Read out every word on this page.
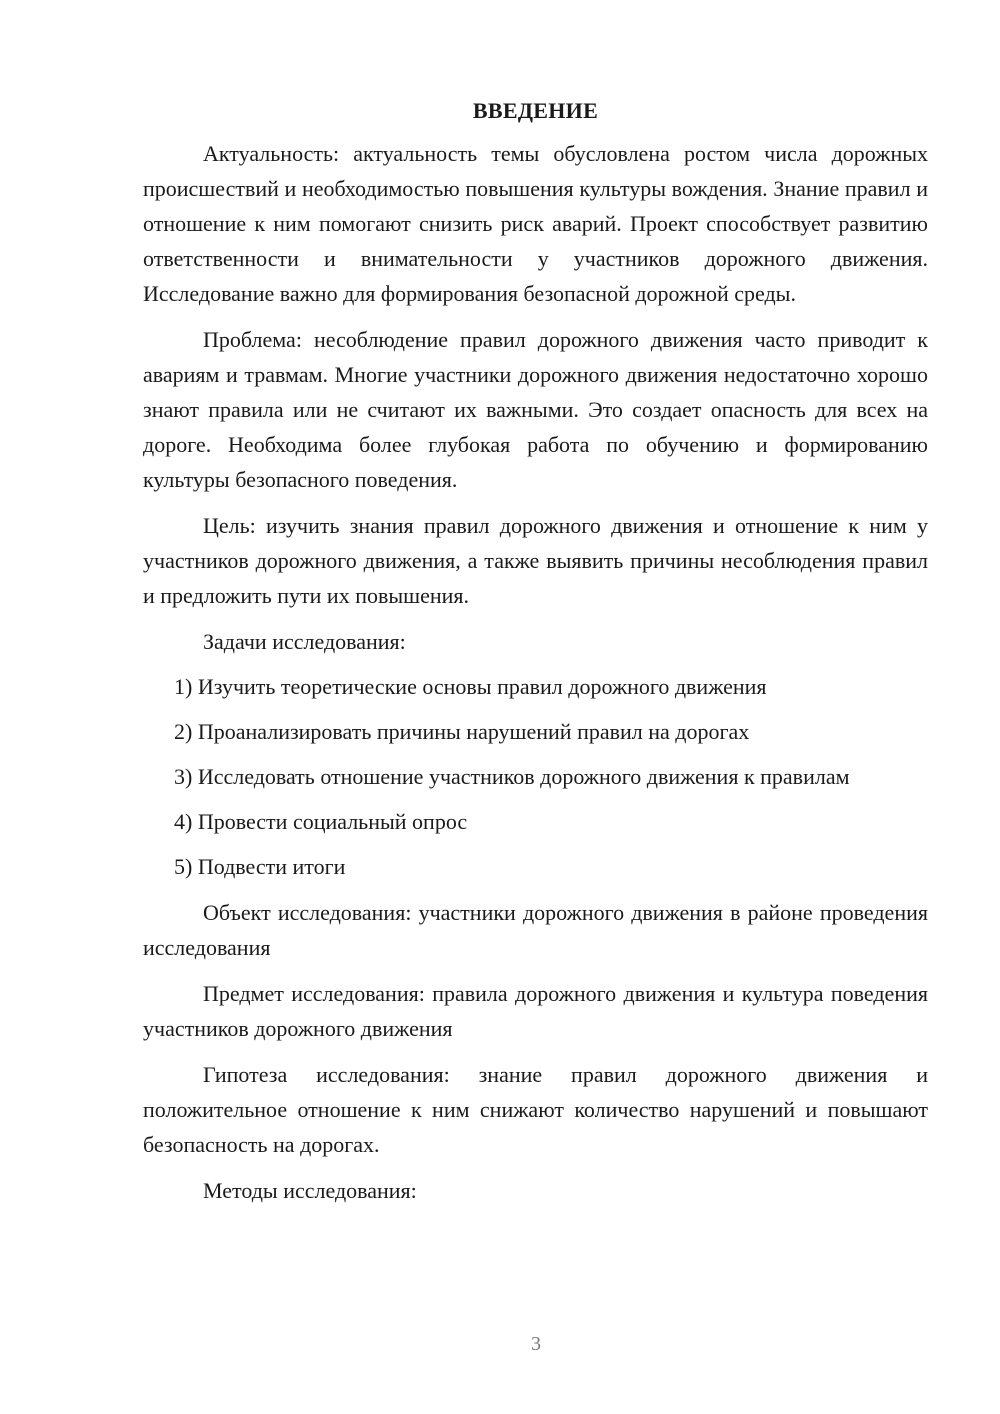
ВВЕДЕНИЕ

Актуальность: актуальность темы обусловлена ростом числа дорожных происшествий и необходимостью повышения культуры вождения. Знание правил и отношение к ним помогают снизить риск аварий. Проект способствует развитию ответственности и внимательности у участников дорожного движения. Исследование важно для формирования безопасной дорожной среды.

Проблема: несоблюдение правил дорожного движения часто приводит к авариям и травмам. Многие участники дорожного движения недостаточно хорошо знают правила или не считают их важными. Это создает опасность для всех на дороге. Необходима более глубокая работа по обучению и формированию культуры безопасного поведения.

Цель: изучить знания правил дорожного движения и отношение к ним у участников дорожного движения, а также выявить причины несоблюдения правил и предложить пути их повышения.

Задачи исследования:

1) Изучить теоретические основы правил дорожного движения

2) Проанализировать причины нарушений правил на дорогах

3) Исследовать отношение участников дорожного движения к правилам

4) Провести социальный опрос

5) Подвести итоги

Объект исследования: участники дорожного движения в районе проведения исследования

Предмет исследования: правила дорожного движения и культура поведения участников дорожного движения

Гипотеза исследования: знание правил дорожного движения и положительное отношение к ним снижают количество нарушений и повышают безопасность на дорогах.

Методы исследования:

3
